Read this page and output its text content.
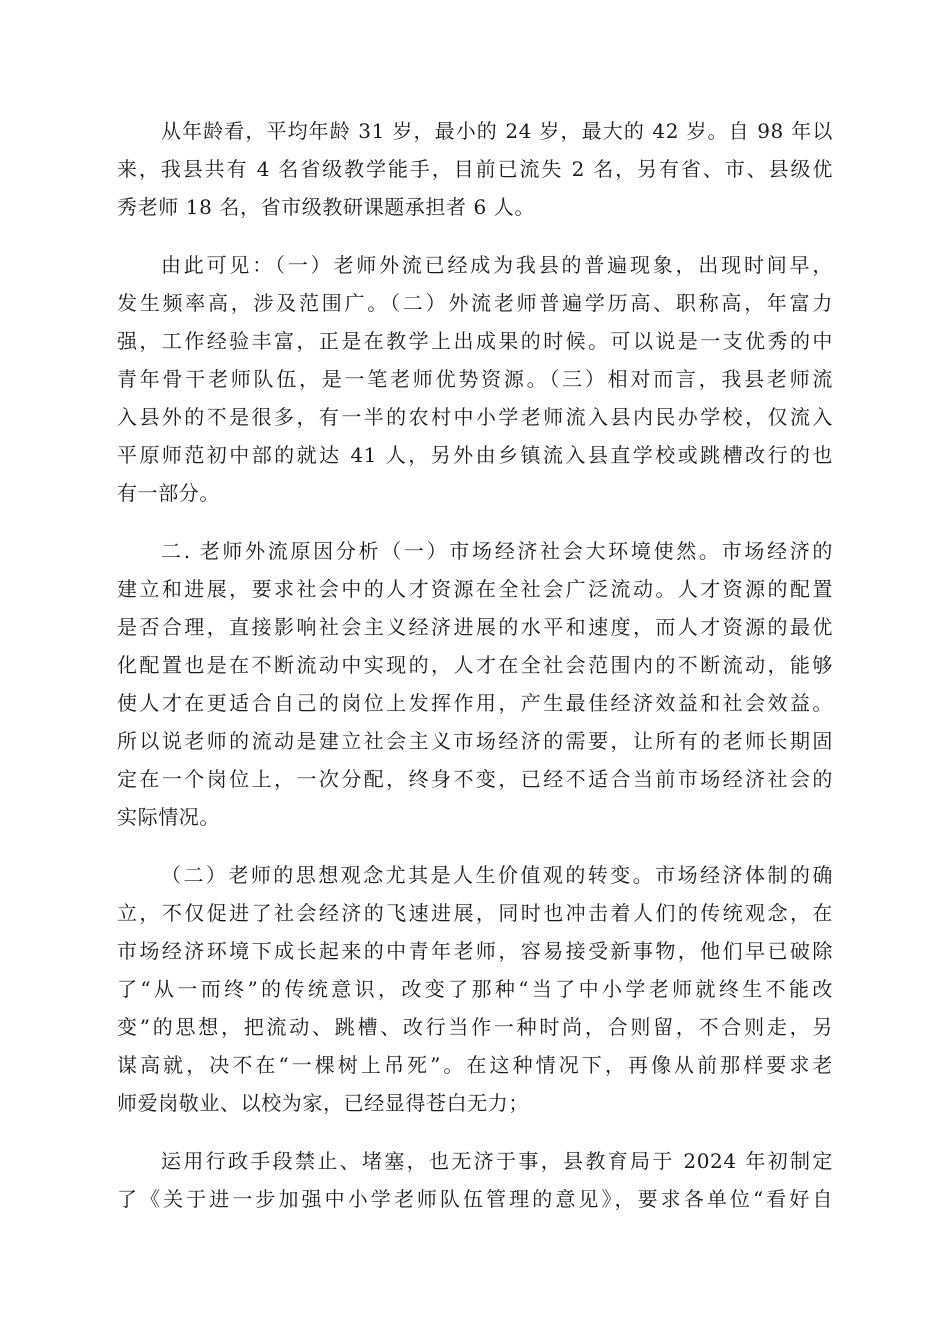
从年龄看，平均年龄 31 岁，最小的 24 岁，最大的 42 岁。自 98 年以
来，我县共有 4 名省级教学能手，目前已流失 2 名，另有省、市、县级优
秀老师 18 名，省市级教研课题承担者 6 人。
由此可见：（一）老师外流已经成为我县的普遍现象，出现时间早，
发生频率高，涉及范围广。（二）外流老师普遍学历高、职称高，年富力
强，工作经验丰富，正是在教学上出成果的时候。可以说是一支优秀的中
青年骨干老师队伍，是一笔老师优势资源。（三）相对而言，我县老师流
入县外的不是很多，有一半的农村中小学老师流入县内民办学校，仅流入
平原师范初中部的就达 41 人，另外由乡镇流入县直学校或跳槽改行的也
有一部分。
二. 老师外流原因分析（一）市场经济社会大环境使然。市场经济的
建立和进展，要求社会中的人才资源在全社会广泛流动。人才资源的配置
是否合理，直接影响社会主义经济进展的水平和速度，而人才资源的最优
化配置也是在不断流动中实现的，人才在全社会范围内的不断流动，能够
使人才在更适合自己的岗位上发挥作用，产生最佳经济效益和社会效益。
所以说老师的流动是建立社会主义市场经济的需要，让所有的老师长期固
定在一个岗位上，一次分配，终身不变，已经不适合当前市场经济社会的
实际情况。
（二）老师的思想观念尤其是人生价值观的转变。市场经济体制的确
立，不仅促进了社会经济的飞速进展，同时也冲击着人们的传统观念，在
市场经济环境下成长起来的中青年老师，容易接受新事物，他们早已破除
了“从一而终”的传统意识，改变了那种“当了中小学老师就终生不能改
变”的思想，把流动、跳槽、改行当作一种时尚，合则留，不合则走，另
谋高就，决不在“一棵树上吊死”。在这种情况下，再像从前那样要求老
师爱岗敬业、以校为家，已经显得苍白无力；
运用行政手段禁止、堵塞，也无济于事，县教育局于 2024 年初制定
了《关于进一步加强中小学老师队伍管理的意见》，要求各单位“看好自
